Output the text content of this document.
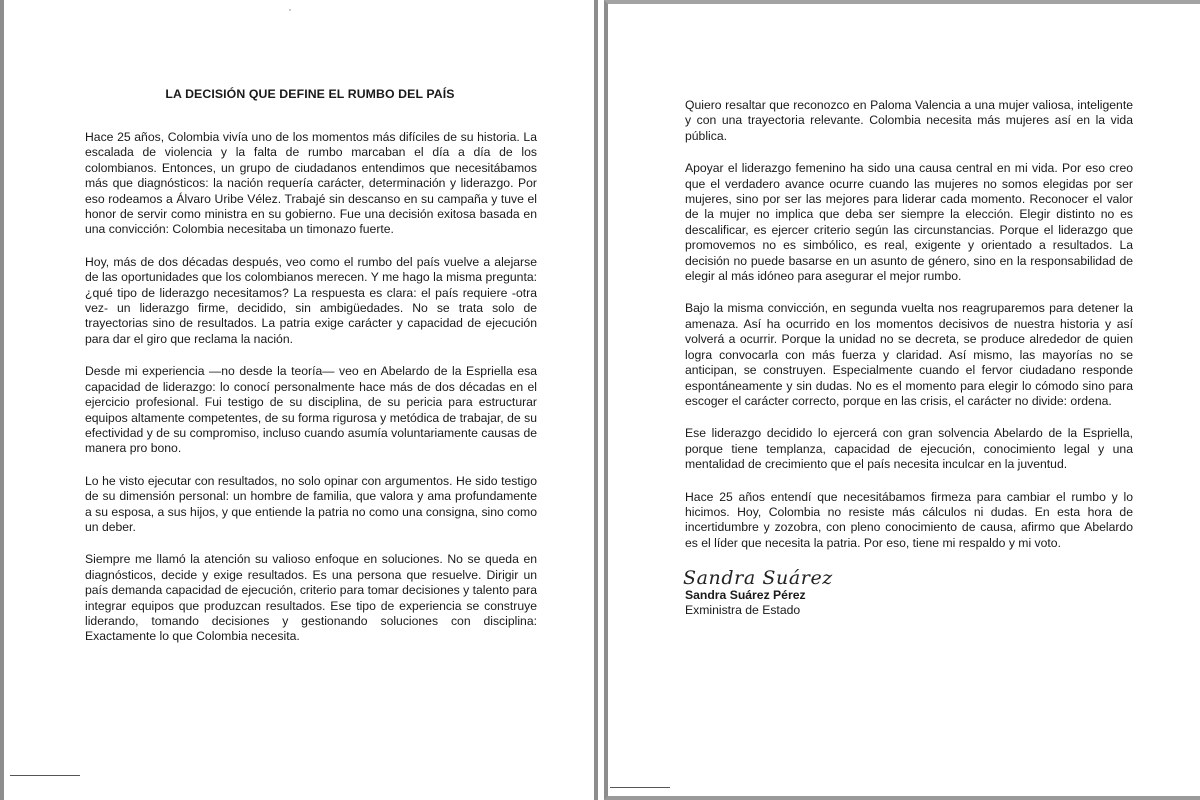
LA DECISIÓN QUE DEFINE EL RUMBO DEL PAÍS

Hace 25 años, Colombia vivía uno de los momentos más difíciles de su historia. La escalada de violencia y la falta de rumbo marcaban el día a día de los colombianos. Entonces, un grupo de ciudadanos entendimos que necesitábamos más que diagnósticos: la nación requería carácter, determinación y liderazgo. Por eso rodeamos a Álvaro Uribe Vélez. Trabajé sin descanso en su campaña y tuve el honor de servir como ministra en su gobierno. Fue una decisión exitosa basada en una convicción: Colombia necesitaba un timonazo fuerte.

Hoy, más de dos décadas después, veo como el rumbo del país vuelve a alejarse de las oportunidades que los colombianos merecen. Y me hago la misma pregunta: ¿qué tipo de liderazgo necesitamos? La respuesta es clara: el país requiere -otra vez- un liderazgo firme, decidido, sin ambigüedades. No se trata solo de trayectorias sino de resultados. La patria exige carácter y capacidad de ejecución para dar el giro que reclama la nación.

Desde mi experiencia —no desde la teoría— veo en Abelardo de la Espriella esa capacidad de liderazgo: lo conocí personalmente hace más de dos décadas en el ejercicio profesional. Fui testigo de su disciplina, de su pericia para estructurar equipos altamente competentes, de su forma rigurosa y metódica de trabajar, de su efectividad y de su compromiso, incluso cuando asumía voluntariamente causas de manera pro bono.

Lo he visto ejecutar con resultados, no solo opinar con argumentos. He sido testigo de su dimensión personal: un hombre de familia, que valora y ama profundamente a su esposa, a sus hijos, y que entiende la patria no como una consigna, sino como un deber.

Siempre me llamó la atención su valioso enfoque en soluciones. No se queda en diagnósticos, decide y exige resultados. Es una persona que resuelve. Dirigir un país demanda capacidad de ejecución, criterio para tomar decisiones y talento para integrar equipos que produzcan resultados. Ese tipo de experiencia se construye liderando, tomando decisiones y gestionando soluciones con disciplina: Exactamente lo que Colombia necesita.

Quiero resaltar que reconozco en Paloma Valencia a una mujer valiosa, inteligente y con una trayectoria relevante. Colombia necesita más mujeres así en la vida pública.

Apoyar el liderazgo femenino ha sido una causa central en mi vida. Por eso creo que el verdadero avance ocurre cuando las mujeres no somos elegidas por ser mujeres, sino por ser las mejores para liderar cada momento. Reconocer el valor de la mujer no implica que deba ser siempre la elección. Elegir distinto no es descalificar, es ejercer criterio según las circunstancias. Porque el liderazgo que promovemos no es simbólico, es real, exigente y orientado a resultados. La decisión no puede basarse en un asunto de género, sino en la responsabilidad de elegir al más idóneo para asegurar el mejor rumbo.

Bajo la misma convicción, en segunda vuelta nos reagruparemos para detener la amenaza. Así ha ocurrido en los momentos decisivos de nuestra historia y así volverá a ocurrir. Porque la unidad no se decreta, se produce alrededor de quien logra convocarla con más fuerza y claridad. Así mismo, las mayorías no se anticipan, se construyen. Especialmente cuando el fervor ciudadano responde espontáneamente y sin dudas. No es el momento para elegir lo cómodo sino para escoger el carácter correcto, porque en las crisis, el carácter no divide: ordena.

Ese liderazgo decidido lo ejercerá con gran solvencia Abelardo de la Espriella, porque tiene templanza, capacidad de ejecución, conocimiento legal y una mentalidad de crecimiento que el país necesita inculcar en la juventud.

Hace 25 años entendí que necesitábamos firmeza para cambiar el rumbo y lo hicimos. Hoy, Colombia no resiste más cálculos ni dudas. En esta hora de incertidumbre y zozobra, con pleno conocimiento de causa, afirmo que Abelardo es el líder que necesita la patria. Por eso, tiene mi respaldo y mi voto.

Sandra Suárez
Sandra Suárez Pérez
Exministra de Estado
